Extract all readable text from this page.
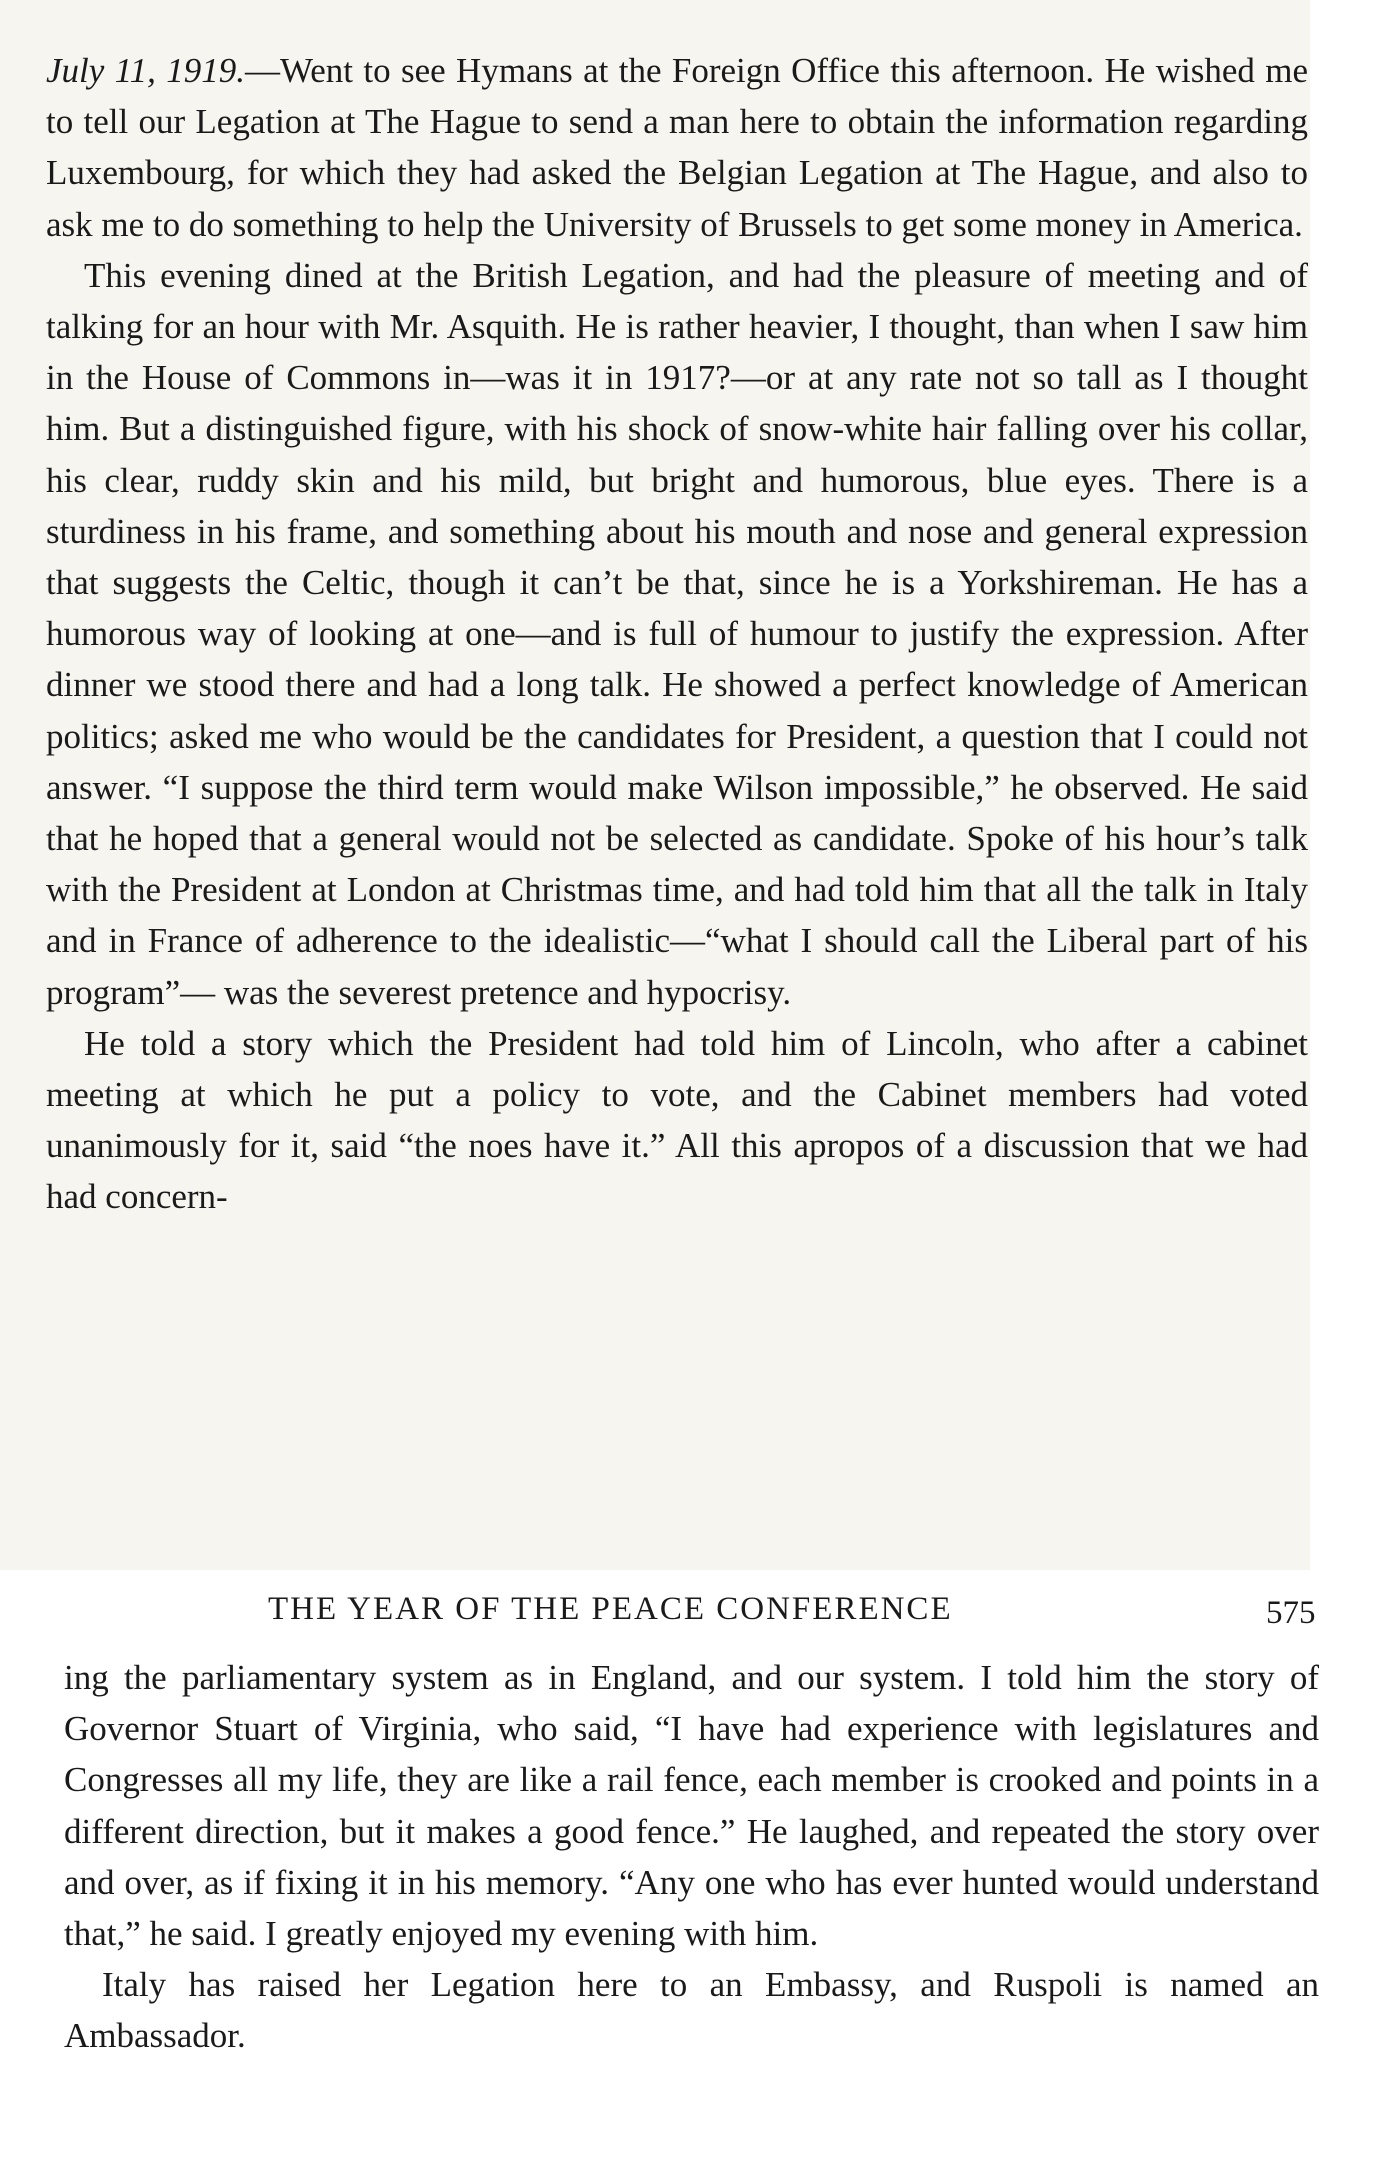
July 11, 1919.—Went to see Hymans at the Foreign Office this afternoon. He wished me to tell our Legation at The Hague to send a man here to obtain the information regarding Luxembourg, for which they had asked the Belgian Legation at The Hague, and also to ask me to do something to help the University of Brussels to get some money in America.

This evening dined at the British Legation, and had the pleasure of meeting and of talking for an hour with Mr. Asquith. He is rather heavier, I thought, than when I saw him in the House of Commons in—was it in 1917?—or at any rate not so tall as I thought him. But a distinguished figure, with his shock of snow-white hair falling over his collar, his clear, ruddy skin and his mild, but bright and humorous, blue eyes. There is a sturdiness in his frame, and something about his mouth and nose and general expression that suggests the Celtic, though it can’t be that, since he is a Yorkshireman. He has a humorous way of looking at one—and is full of humour to justify the expression. After dinner we stood there and had a long talk. He showed a perfect knowledge of American politics; asked me who would be the candidates for President, a question that I could not answer. “I suppose the third term would make Wilson impossible,” he observed. He said that he hoped that a general would not be selected as candidate. Spoke of his hour’s talk with the President at London at Christmas time, and had told him that all the talk in Italy and in France of adherence to the idealistic—“what I should call the Liberal part of his program”— was the severest pretence and hypocrisy.

He told a story which the President had told him of Lincoln, who after a cabinet meeting at which he put a policy to vote, and the Cabinet members had voted unanimously for it, said “the noes have it.” All this apropos of a discussion that we had had concern-

THE YEAR OF THE PEACE CONFERENCE	575

ing the parliamentary system as in England, and our system. I told him the story of Governor Stuart of Virginia, who said, “I have had experience with legislatures and Congresses all my life, they are like a rail fence, each member is crooked and points in a different direction, but it makes a good fence.” He laughed, and repeated the story over and over, as if fixing it in his memory. “Any one who has ever hunted would understand that,” he said. I greatly enjoyed my evening with him.

Italy has raised her Legation here to an Embassy, and Ruspoli is named an Ambassador.
